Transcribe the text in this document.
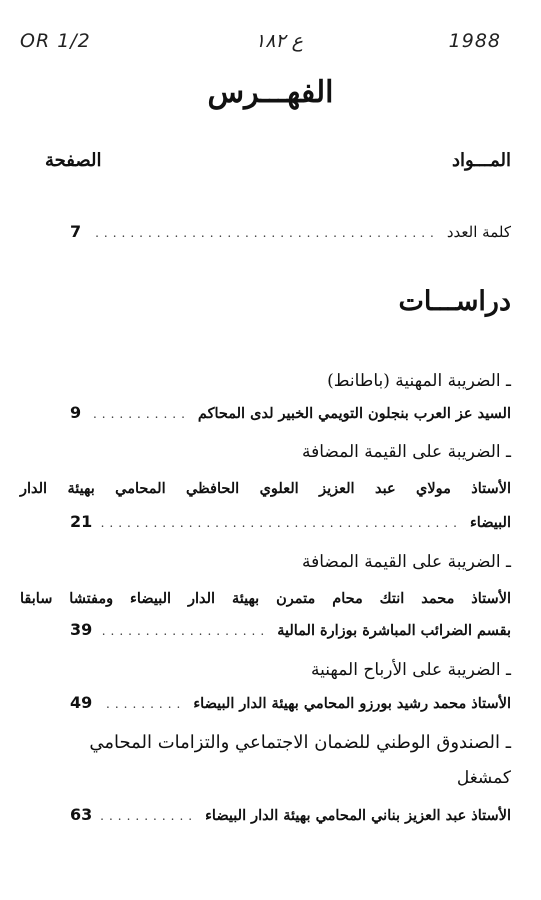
OR 1/2	ع ١٨٢	1988
الفهـــرس
المـــواد
الصفحة
كلمة العدد
.....
7
دراســـات
ـ الضريبة المهنية (باطانط)
السيد عز العرب بنجلون التويمي الخبير لدى المحاكم
.....
9
ـ الضريبة على القيمة المضافة
الأستاذ مولاي عبد العزيز العلوي الحافظي المحامي بهيئة الدار
البيضاء
.....
21
ـ الضريبة على القيمة المضافة
الأستاذ محمد انتك محام متمرن بهيئة الدار البيضاء ومفتشا سابقا
بقسم الضرائب المباشرة بوزارة المالية
.....
39
ـ الضريبة على الأرباح المهنية
الأستاذ محمد رشيد بورزو المحامي بهيئة الدار البيضاء
.....
49
ـ الصندوق الوطني للضمان الاجتماعي والتزامات المحامي
كمشغل
الأستاذ عبد العزيز بناني المحامي بهيئة الدار البيضاء
.....
63
